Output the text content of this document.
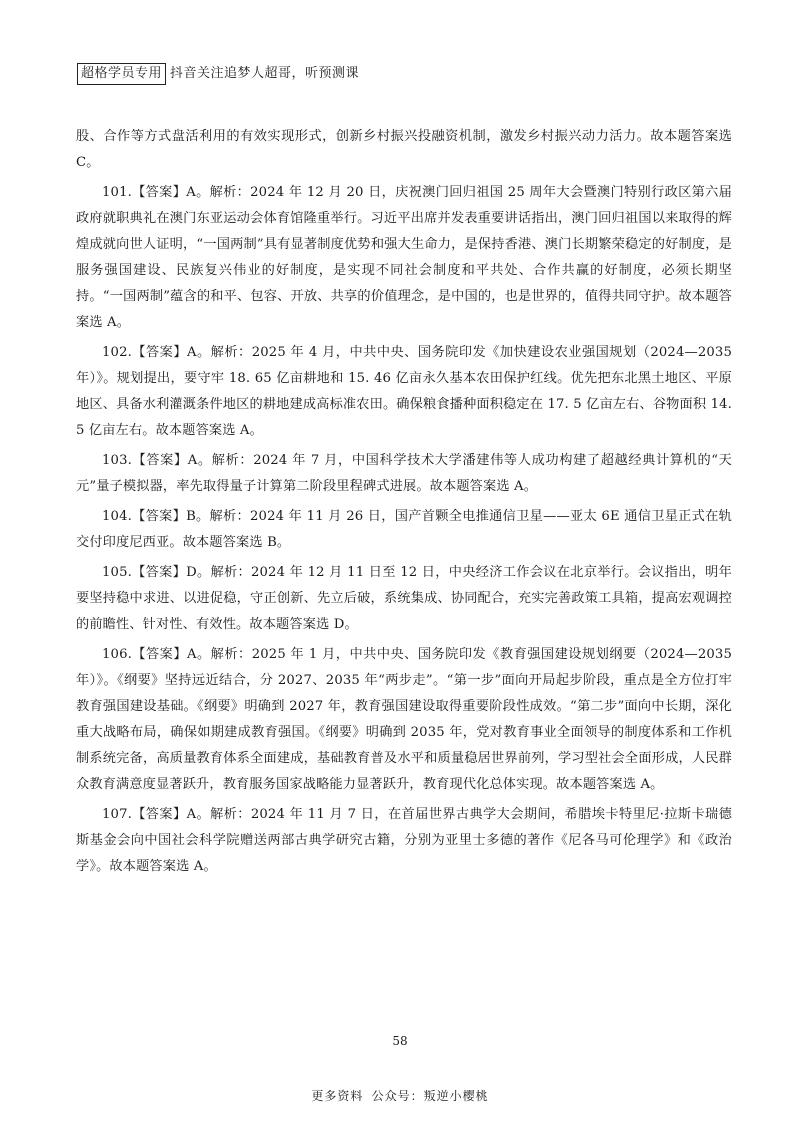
超格学员专用 抖音关注追梦人超哥，听预测课

股、合作等方式盘活利用的有效实现形式，创新乡村振兴投融资机制，激发乡村振兴动力活力。故本题答案选C。

101.【答案】A。解析：2024 年 12 月 20 日，庆祝澳门回归祖国 25 周年大会暨澳门特别行政区第六届政府就职典礼在澳门东亚运动会体育馆隆重举行。习近平出席并发表重要讲话指出，澳门回归祖国以来取得的辉煌成就向世人证明，“一国两制”具有显著制度优势和强大生命力，是保持香港、澳门长期繁荣稳定的好制度，是服务强国建设、民族复兴伟业的好制度，是实现不同社会制度和平共处、合作共赢的好制度，必须长期坚持。“一国两制”蕴含的和平、包容、开放、共享的价值理念，是中国的，也是世界的，值得共同守护。故本题答案选 A。

102.【答案】A。解析：2025 年 4 月，中共中央、国务院印发《加快建设农业强国规划（2024—2035 年）》。规划提出，要守牢 18. 65 亿亩耕地和 15. 46 亿亩永久基本农田保护红线。优先把东北黑土地区、平原地区、具备水利灌溉条件地区的耕地建成高标准农田。确保粮食播种面积稳定在 17. 5 亿亩左右、谷物面积 14. 5 亿亩左右。故本题答案选 A。

103.【答案】A。解析：2024 年 7 月，中国科学技术大学潘建伟等人成功构建了超越经典计算机的“天元”量子模拟器，率先取得量子计算第二阶段里程碑式进展。故本题答案选 A。

104.【答案】B。解析：2024 年 11 月 26 日，国产首颗全电推通信卫星——亚太 6E 通信卫星正式在轨交付印度尼西亚。故本题答案选 B。

105.【答案】D。解析：2024 年 12 月 11 日至 12 日，中央经济工作会议在北京举行。会议指出，明年要坚持稳中求进、以进促稳，守正创新、先立后破，系统集成、协同配合，充实完善政策工具箱，提高宏观调控的前瞻性、针对性、有效性。故本题答案选 D。

106.【答案】A。解析：2025 年 1 月，中共中央、国务院印发《教育强国建设规划纲要（2024—2035 年）》。《纲要》坚持远近结合，分 2027、2035 年“两步走”。“第一步”面向开局起步阶段，重点是全方位打牢教育强国建设基础。《纲要》明确到 2027 年，教育强国建设取得重要阶段性成效。“第二步”面向中长期，深化重大战略布局，确保如期建成教育强国。《纲要》明确到 2035 年，党对教育事业全面领导的制度体系和工作机制系统完备，高质量教育体系全面建成，基础教育普及水平和质量稳居世界前列，学习型社会全面形成，人民群众教育满意度显著跃升，教育服务国家战略能力显著跃升，教育现代化总体实现。故本题答案选 A。

107.【答案】A。解析：2024 年 11 月 7 日，在首届世界古典学大会期间，希腊埃卡特里尼·拉斯卡瑞德斯基金会向中国社会科学院赠送两部古典学研究古籍，分别为亚里士多德的著作《尼各马可伦理学》和《政治学》。故本题答案选 A。

58
更多资料 公众号：叛逆小樱桃
